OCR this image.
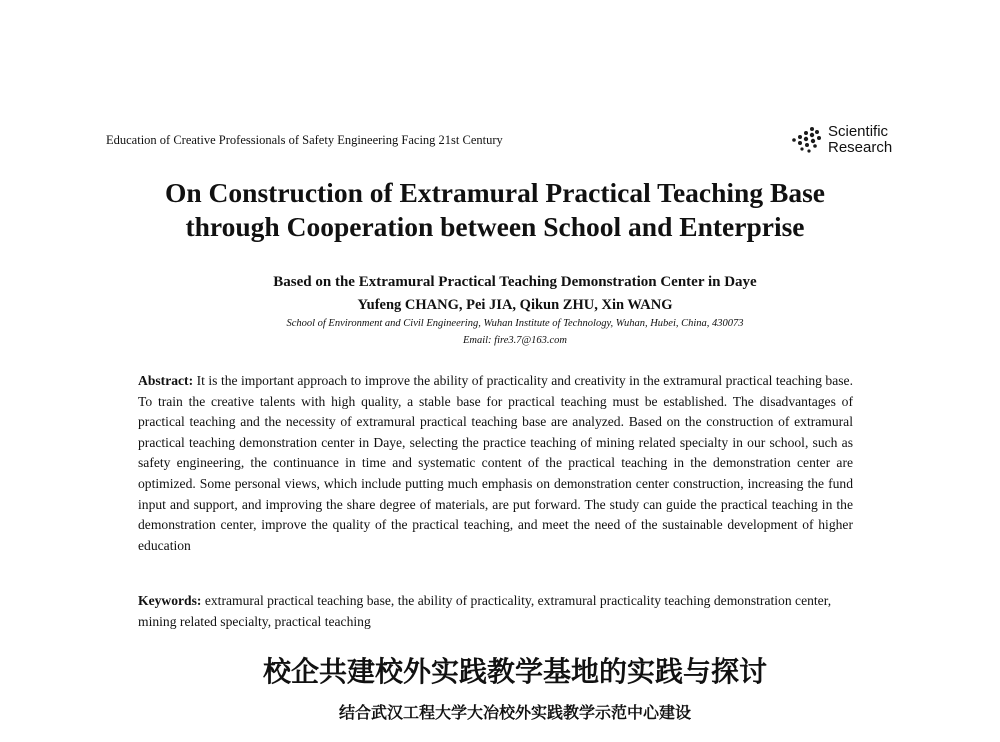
Education of Creative Professionals of Safety Engineering Facing 21st Century	Scientific
Research
On Construction of Extramural Practical Teaching Base
through Cooperation between School and Enterprise
Based on the Extramural Practical Teaching Demonstration Center in Daye
Yufeng CHANG, Pei JIA, Qikun ZHU, Xin WANG
School of Environment and Civil Engineering, Wuhan Institute of Technology, Wuhan, Hubei, China, 430073
Email: fire3.7@163.com

Abstract: It is the important approach to improve the ability of practicality and creativity in the extramural practical teaching base. To train the creative talents with high quality, a stable base for practical teaching must be established. The disadvantages of practical teaching and the necessity of extramural practical teaching base are analyzed. Based on the construction of extramural practical teaching demonstration center in Daye, selecting the practice teaching of mining related specialty in our school, such as safety engineering, the continuance in time and systematic content of the practical teaching in the demonstration center are optimized. Some personal views, which include putting much emphasis on demonstration center construction, increasing the fund input and support, and improving the share degree of materials, are put forward. The study can guide the practical teaching in the demonstration center, improve the quality of the practical teaching, and meet the need of the sustainable development of higher education

Keywords: extramural practical teaching base, the ability of practicality, extramural practicality teaching demonstration center, mining related specialty, practical teaching

校企共建校外实践教学基地的实践与探讨
结合武汉工程大学大冶校外实践教学示范中心建设
